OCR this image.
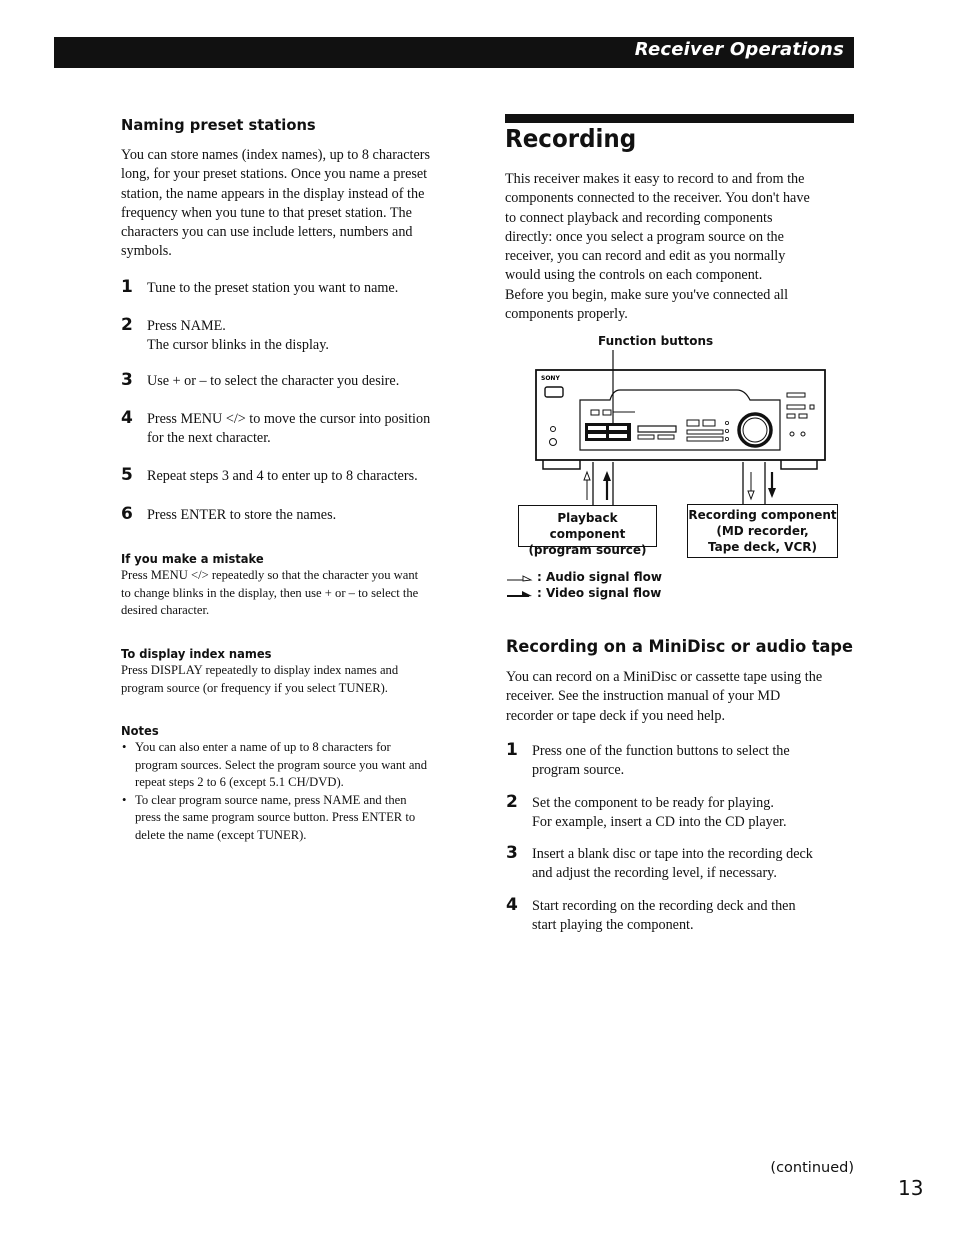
Receiver Operations
Naming preset stations
You can store names (index names), up to 8 characters
long, for your preset stations. Once you name a preset
station, the name appears in the display instead of the
frequency when you tune to that preset station. The
characters you can use include letters, numbers and
symbols.
1 Tune to the preset station you want to name.
2 Press NAME.
The cursor blinks in the display.
3 Use + or – to select the character you desire.
4 Press MENU </> to move the cursor into position
for the next character.
5 Repeat steps 3 and 4 to enter up to 8 characters.
6 Press ENTER to store the names.
If you make a mistake
Press MENU </> repeatedly so that the character you want
to change blinks in the display, then use + or – to select the
desired character.
To display index names
Press DISPLAY repeatedly to display index names and
program source (or frequency if you select TUNER).
Notes
• You can also enter a name of up to 8 characters for
program sources. Select the program source you want and
repeat steps 2 to 6 (except 5.1 CH/DVD).
• To clear program source name, press NAME and then
press the same program source button. Press ENTER to
delete the name (except TUNER).
Recording
This receiver makes it easy to record to and from the
components connected to the receiver. You don't have
to connect playback and recording components
directly: once you select a program source on the
receiver, you can record and edit as you normally
would using the controls on each component.
Before you begin, make sure you've connected all
components properly.
Function buttons
SONY
Playback component
(program source)
Recording component
(MD recorder,
Tape deck, VCR)
: Audio signal flow
: Video signal flow
Recording on a MiniDisc or audio tape
You can record on a MiniDisc or cassette tape using the
receiver. See the instruction manual of your MD
recorder or tape deck if you need help.
1 Press one of the function buttons to select the
program source.
2 Set the component to be ready for playing.
For example, insert a CD into the CD player.
3 Insert a blank disc or tape into the recording deck
and adjust the recording level, if necessary.
4 Start recording on the recording deck and then
start playing the component.
(continued)
13
